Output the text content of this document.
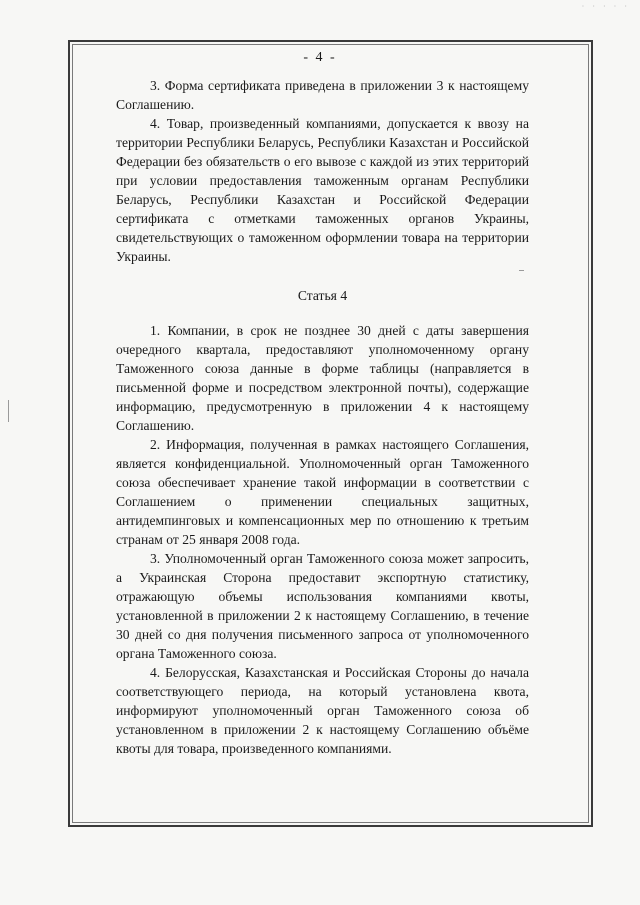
· · · · ·
- 4 -

3. Форма сертификата приведена в приложении 3 к настоящему Соглашению.

4. Товар, произведенный компаниями, допускается к ввозу на территории Республики Беларусь, Республики Казахстан и Российской Федерации без обязательств о его вывозе с каждой из этих территорий при условии предоставления таможенным органам Республики Беларусь, Республики Казахстан и Российской Федерации сертификата с отметками таможенных органов Украины, свидетельствующих о таможенном оформлении товара на территории Украины.

Статья 4

1. Компании, в срок не позднее 30 дней с даты завершения очередного квартала, предоставляют уполномоченному органу Таможенного союза данные в форме таблицы (направляется в письменной форме и посредством электронной почты), содержащие информацию, предусмотренную в приложении 4 к настоящему Соглашению.

2. Информация, полученная в рамках настоящего Соглашения, является конфиденциальной. Уполномоченный орган Таможенного союза обеспечивает хранение такой информации в соответствии с Соглашением о применении специальных защитных, антидемпинговых и компенсационных мер по отношению к третьим странам от 25 января 2008 года.

3. Уполномоченный орган Таможенного союза может запросить, а Украинская Сторона предоставит экспортную статистику, отражающую объемы использования компаниями квоты, установленной в приложении 2 к настоящему Соглашению, в течение 30 дней со дня получения письменного запроса от уполномоченного органа Таможенного союза.

4. Белорусская, Казахстанская и Российская Стороны до начала соответствующего периода, на который установлена квота, информируют уполномоченный орган Таможенного союза об установленном в приложении 2 к настоящему Соглашению объёме квоты для товара, произведенного компаниями.
